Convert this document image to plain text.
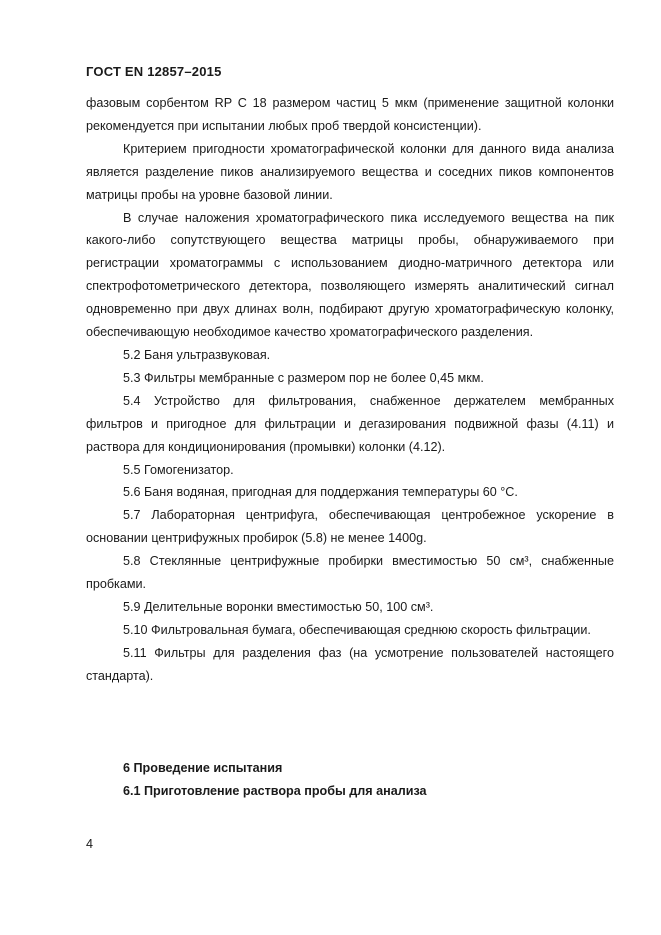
ГОСТ EN 12857–2015

фазовым сорбентом RP C 18 размером частиц 5 мкм (применение защитной колонки рекомендуется при испытании любых проб твердой консистенции).

Критерием пригодности хроматографической колонки для данного вида анализа является разделение пиков анализируемого вещества и соседних пиков компонентов матрицы пробы на уровне базовой линии.

В случае наложения хроматографического пика исследуемого вещества на пик какого-либо сопутствующего вещества матрицы пробы, обнаруживаемого при регистрации хроматограммы с использованием диодно-матричного детектора или спектрофотометрического детектора, позволяющего измерять аналитический сигнал одновременно при двух длинах волн, подбирают другую хроматографическую колонку, обеспечивающую необходимое качество хроматографического разделения.

5.2 Баня ультразвуковая.

5.3 Фильтры мембранные с размером пор не более 0,45 мкм.

5.4 Устройство для фильтрования, снабженное держателем мембранных фильтров и пригодное для фильтрации и дегазирования подвижной фазы (4.11) и раствора для кондиционирования (промывки) колонки (4.12).

5.5 Гомогенизатор.

5.6 Баня водяная, пригодная для поддержания температуры 60 °С.

5.7 Лабораторная центрифуга, обеспечивающая центробежное ускорение в основании центрифужных пробирок (5.8) не менее 1400g.

5.8 Стеклянные центрифужные пробирки вместимостью 50 см³, снабженные пробками.

5.9 Делительные воронки вместимостью 50, 100 см³.

5.10 Фильтровальная бумага, обеспечивающая среднюю скорость фильтрации.

5.11 Фильтры для разделения фаз (на усмотрение пользователей настоящего стандарта).

6 Проведение испытания
6.1 Приготовление раствора пробы для анализа
4
